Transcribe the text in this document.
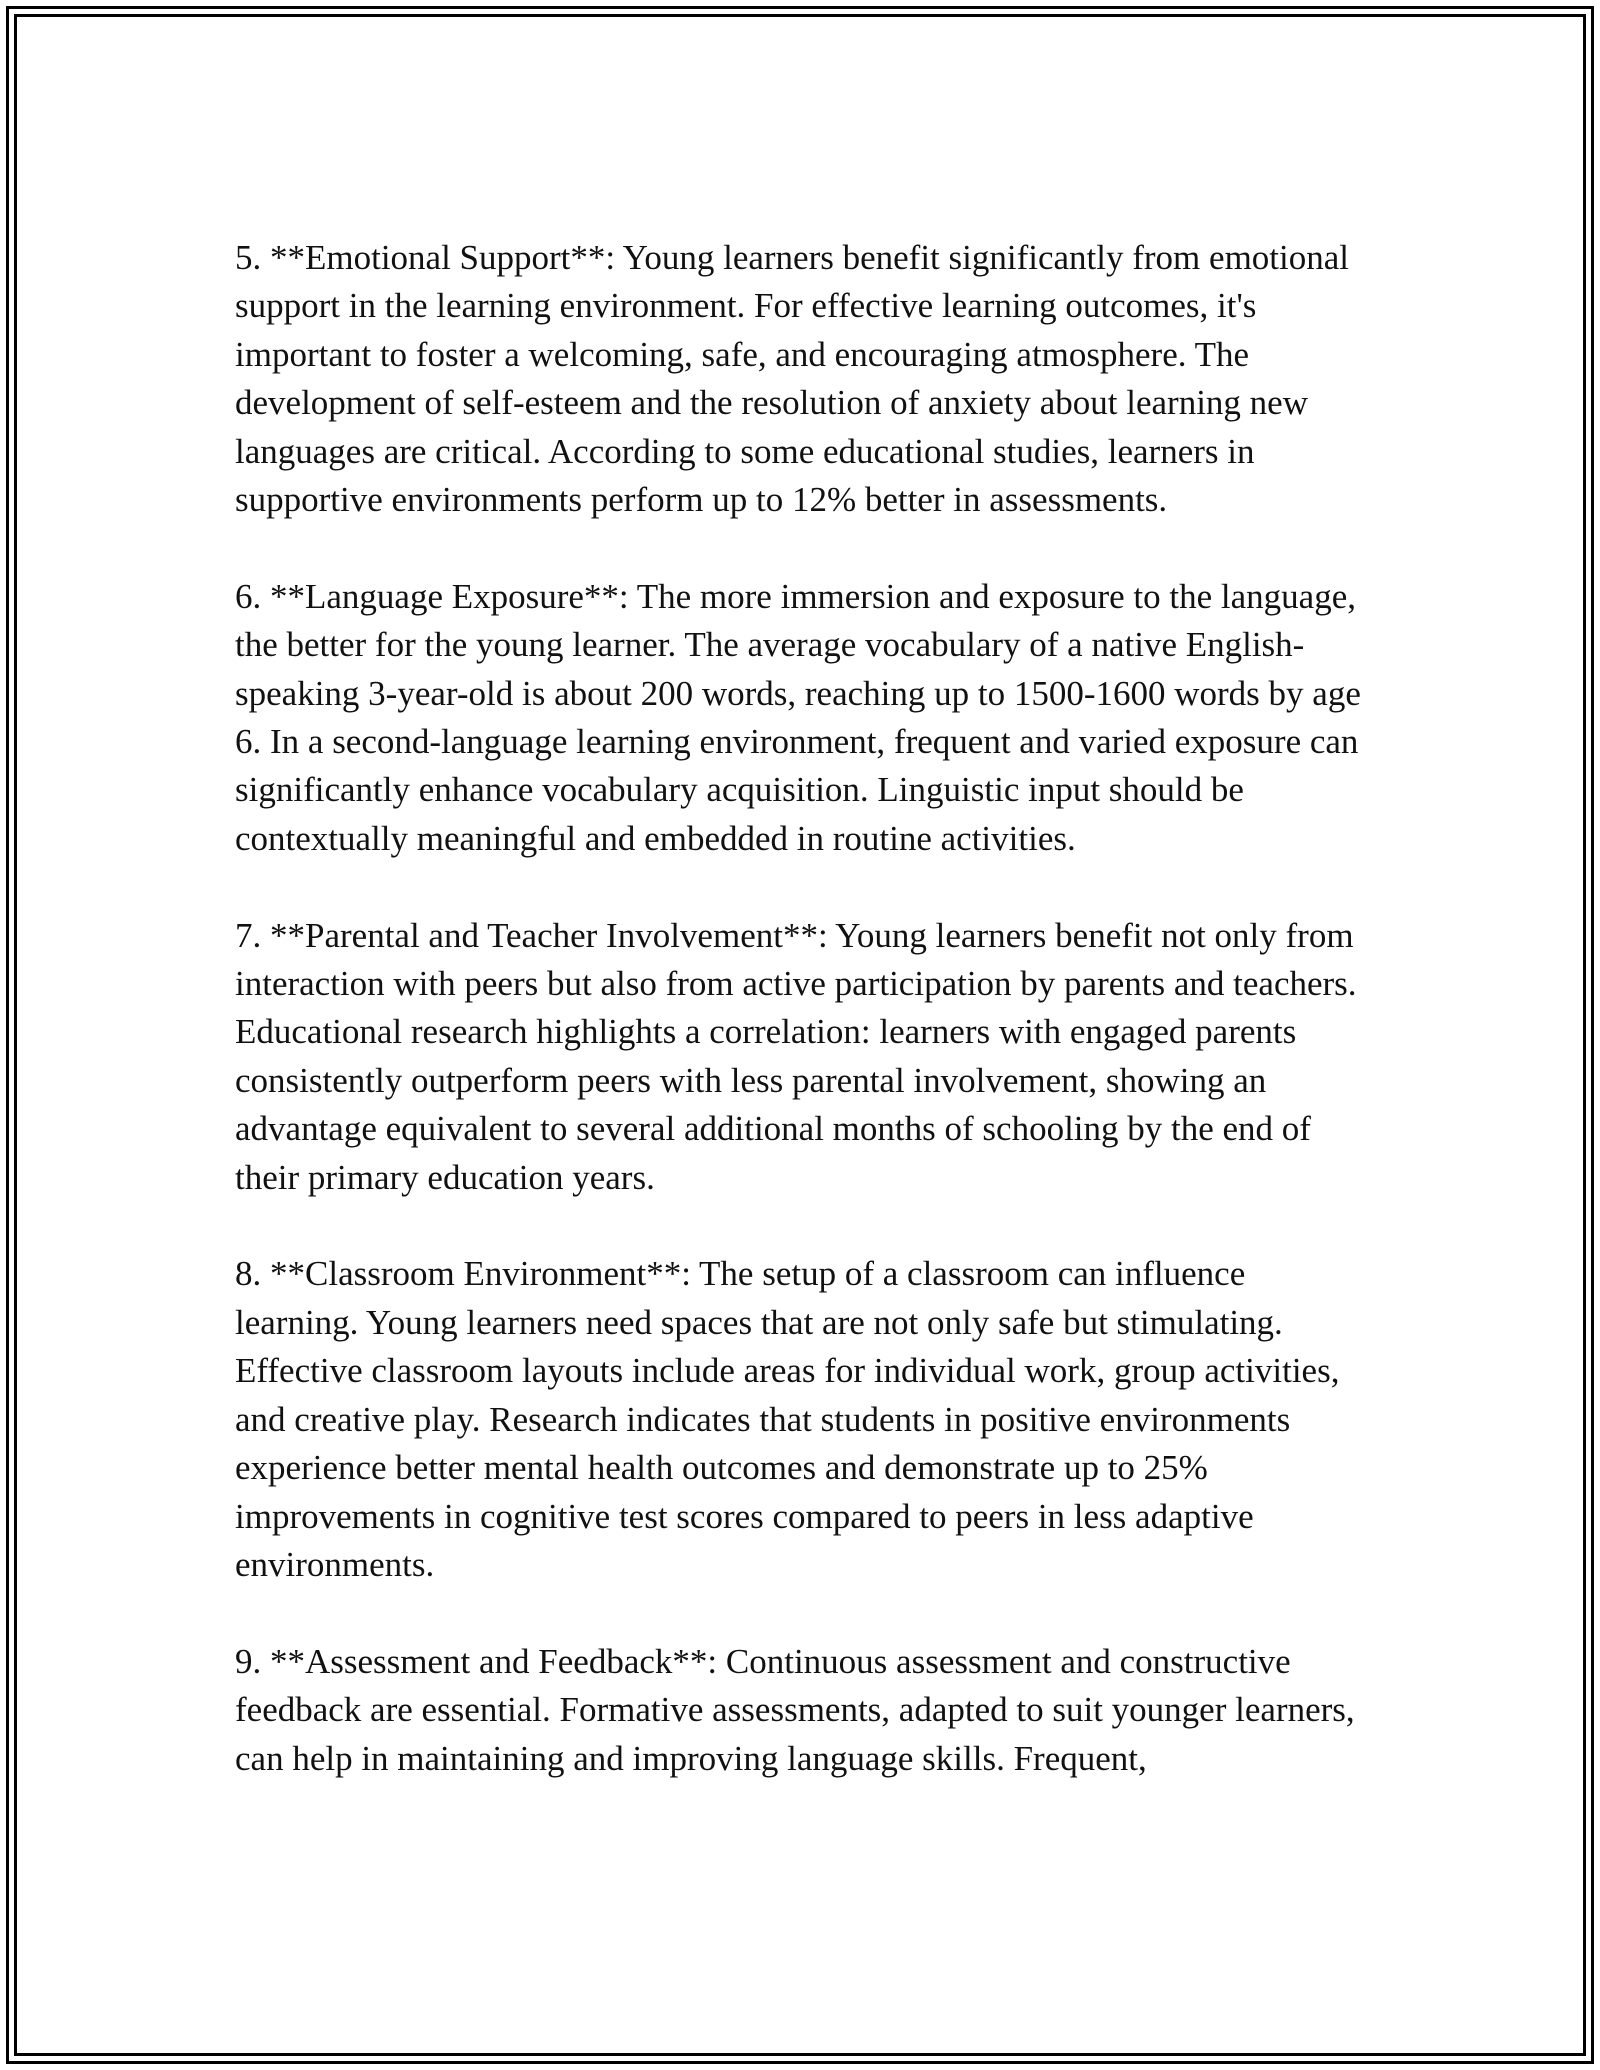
5. **Emotional Support**: Young learners benefit significantly from emotional support in the learning environment. For effective learning outcomes, it's important to foster a welcoming, safe, and encouraging atmosphere. The development of self-esteem and the resolution of anxiety about learning new languages are critical. According to some educational studies, learners in supportive environments perform up to 12% better in assessments.

6. **Language Exposure**: The more immersion and exposure to the language, the better for the young learner. The average vocabulary of a native English-speaking 3-year-old is about 200 words, reaching up to 1500-1600 words by age 6. In a second-language learning environment, frequent and varied exposure can significantly enhance vocabulary acquisition. Linguistic input should be contextually meaningful and embedded in routine activities.

7. **Parental and Teacher Involvement**: Young learners benefit not only from interaction with peers but also from active participation by parents and teachers. Educational research highlights a correlation: learners with engaged parents consistently outperform peers with less parental involvement, showing an advantage equivalent to several additional months of schooling by the end of their primary education years.

8. **Classroom Environment**: The setup of a classroom can influence learning. Young learners need spaces that are not only safe but stimulating. Effective classroom layouts include areas for individual work, group activities, and creative play. Research indicates that students in positive environments experience better mental health outcomes and demonstrate up to 25% improvements in cognitive test scores compared to peers in less adaptive environments.

9. **Assessment and Feedback**: Continuous assessment and constructive feedback are essential. Formative assessments, adapted to suit younger learners, can help in maintaining and improving language skills. Frequent,
